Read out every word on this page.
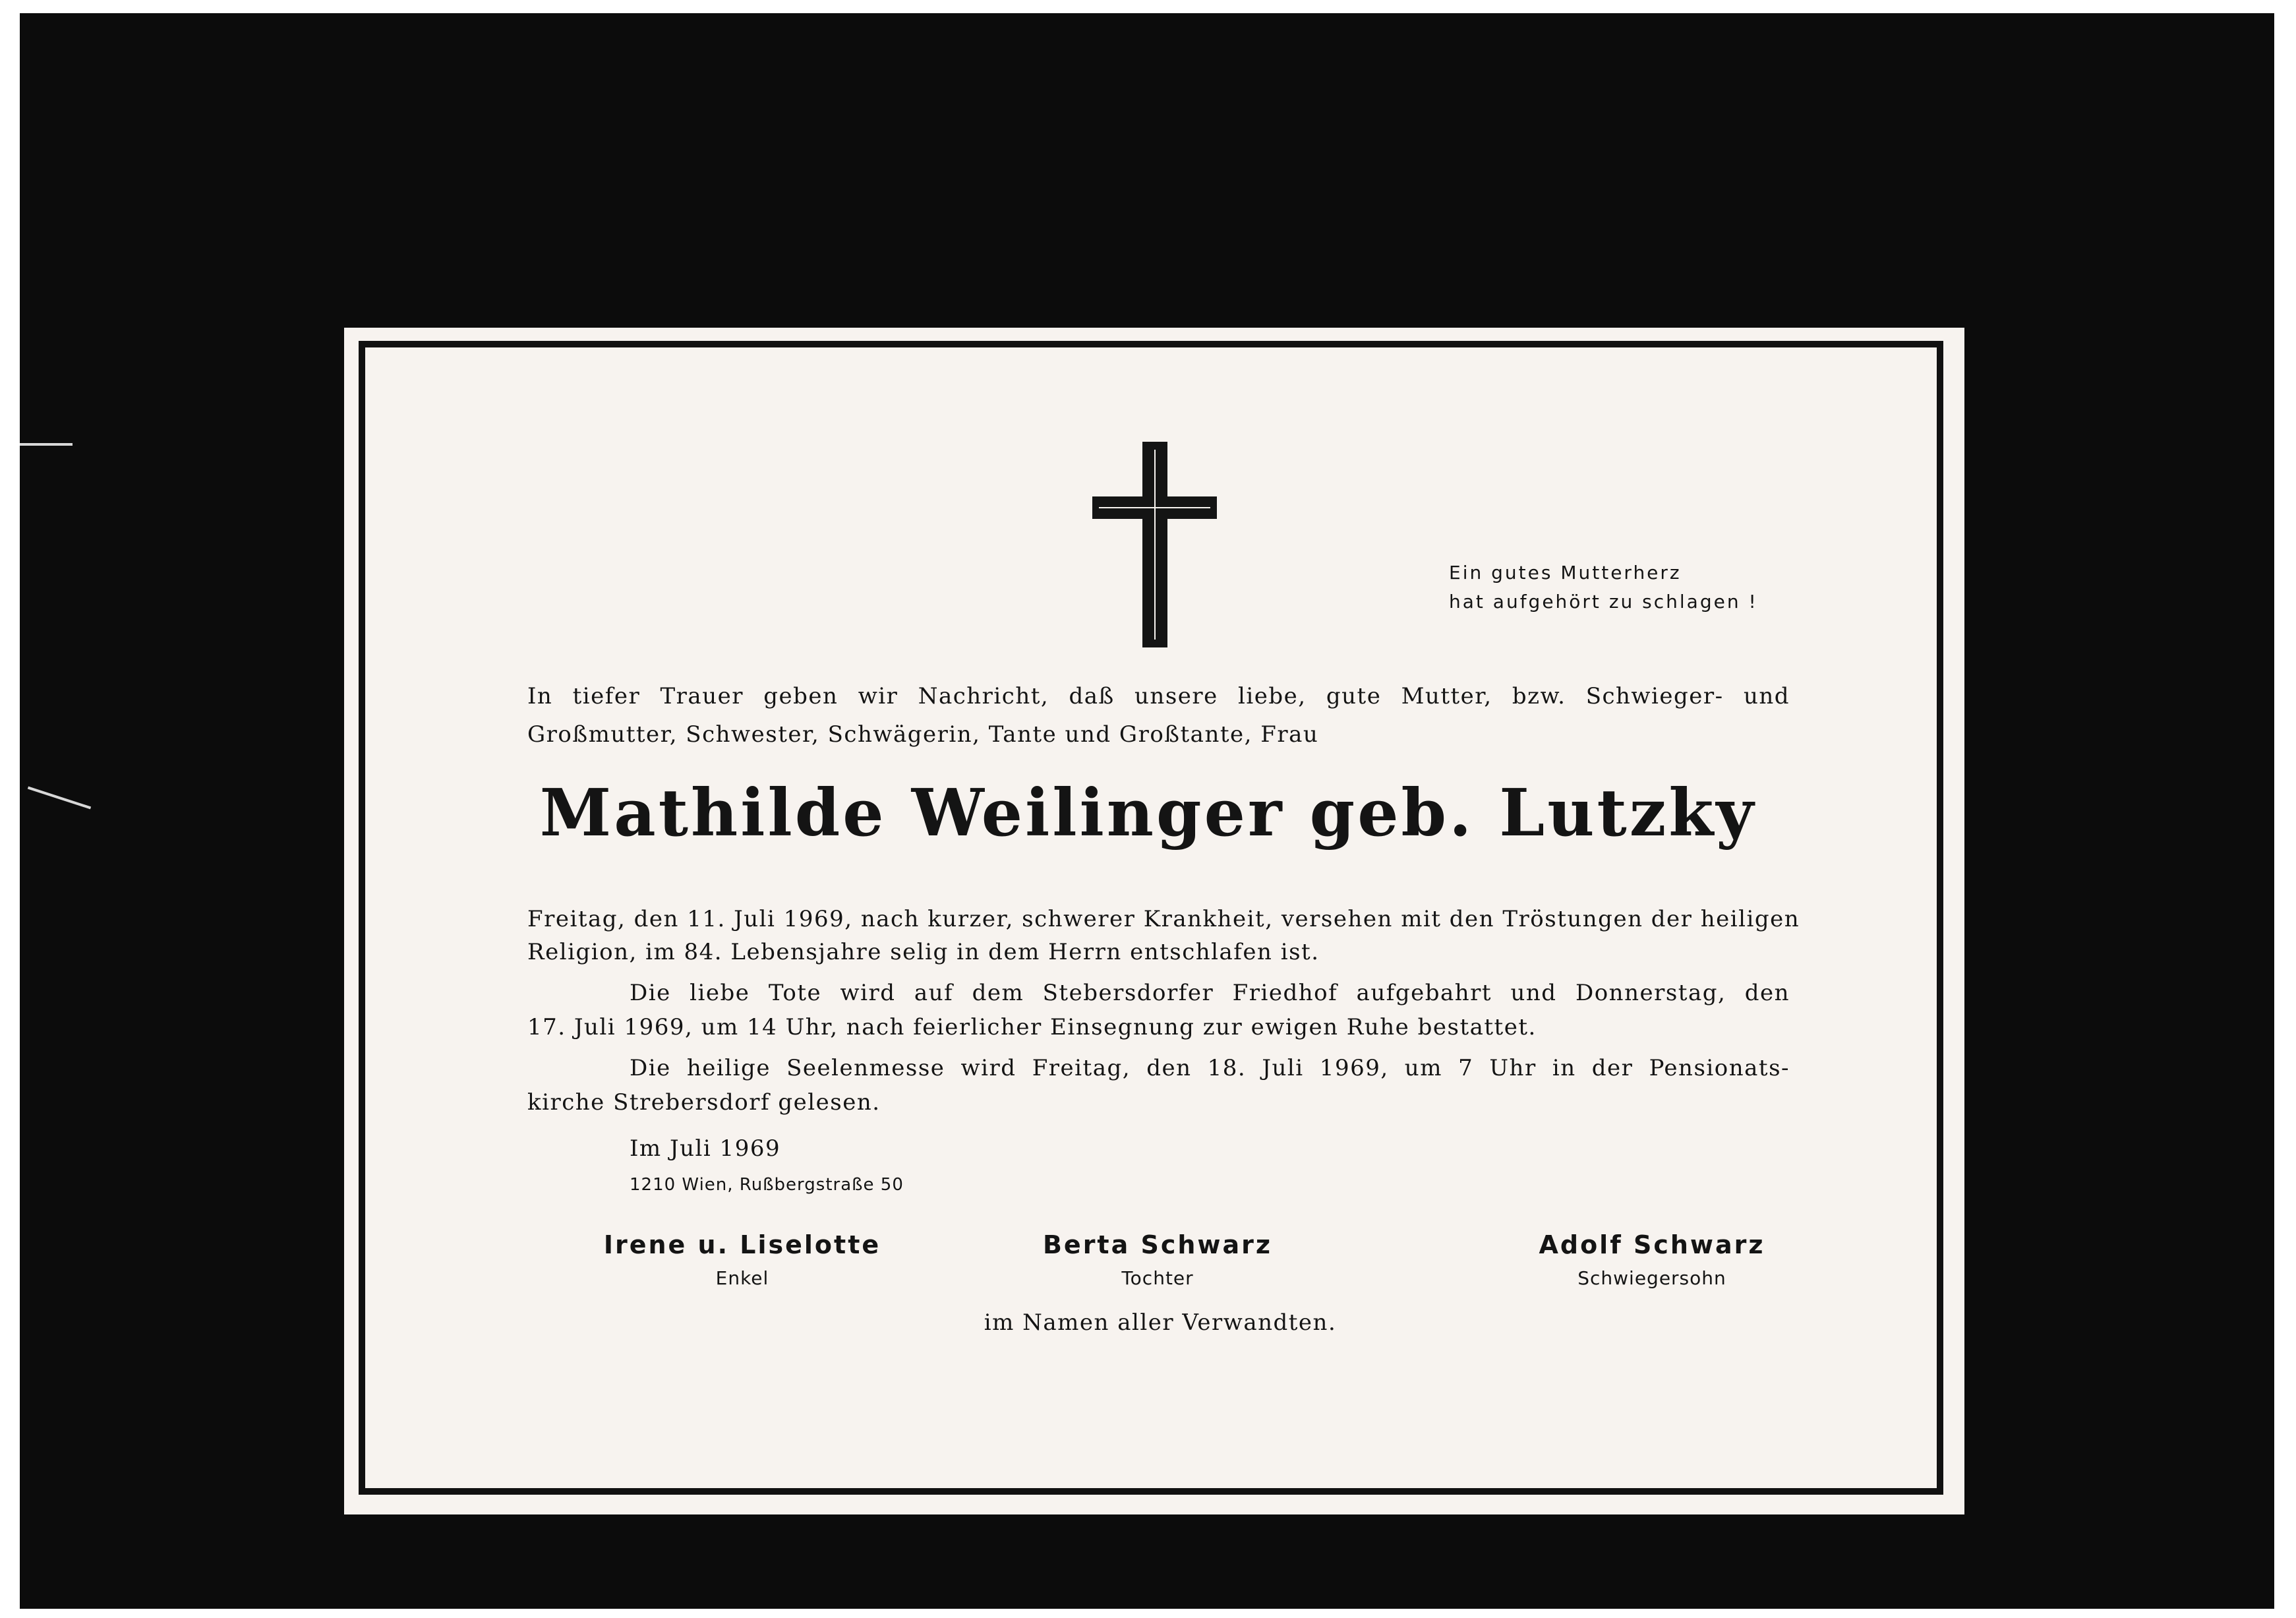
Ein gutes Mutterherz
hat aufgehört zu schlagen !
In tiefer Trauer geben wir Nachricht, daß unsere liebe, gute Mutter, bzw. Schwieger- und
Großmutter, Schwester, Schwägerin, Tante und Großtante, Frau
Mathilde Weilinger geb. Lutzky
Freitag, den 11. Juli 1969, nach kurzer, schwerer Krankheit, versehen mit den Tröstungen der heiligen
Religion, im 84. Lebensjahre selig in dem Herrn entschlafen ist.
Die liebe Tote wird auf dem Stebersdorfer Friedhof aufgebahrt und Donnerstag, den
17. Juli 1969, um 14 Uhr, nach feierlicher Einsegnung zur ewigen Ruhe bestattet.
Die heilige Seelenmesse wird Freitag, den 18. Juli 1969, um 7 Uhr in der Pensionats-
kirche Strebersdorf gelesen.
Im Juli 1969
1210 Wien, Rußbergstraße 50
Irene u. Liselotte
Enkel
Berta Schwarz
Tochter
Adolf Schwarz
Schwiegersohn
im Namen aller Verwandten.
